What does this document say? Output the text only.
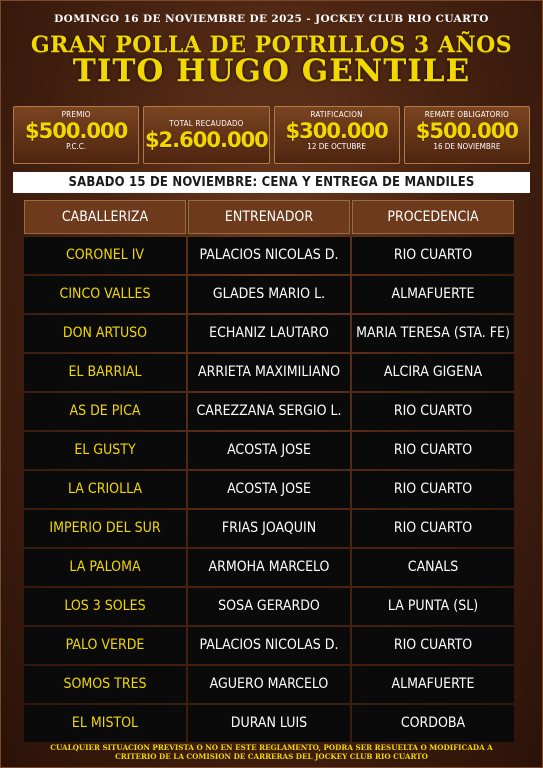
DOMINGO 16 DE NOVIEMBRE DE 2025 - JOCKEY CLUB RIO CUARTO
GRAN POLLA DE POTRILLOS 3 AÑOS
TITO HUGO GENTILE
PREMIO
$500.000
P.C.C.
TOTAL RECAUDADO
$2.600.000
RATIFICACION
$300.000
12 DE OCTUBRE
REMATE OBLIGATORIO
$500.000
16 DE NOVIEMBRE
SABADO 15 DE NOVIEMBRE: CENA Y ENTREGA DE MANDILES
CABALLERIZA	ENTRENADOR	PROCEDENCIA
CORONEL IV	PALACIOS NICOLAS D.	RIO CUARTO
CINCO VALLES	GLADES MARIO L.	ALMAFUERTE
DON ARTUSO	ECHANIZ LAUTARO	MARIA TERESA (STA. FE)
EL BARRIAL	ARRIETA MAXIMILIANO	ALCIRA GIGENA
AS DE PICA	CAREZZANA SERGIO L.	RIO CUARTO
EL GUSTY	ACOSTA JOSE	RIO CUARTO
LA CRIOLLA	ACOSTA JOSE	RIO CUARTO
IMPERIO DEL SUR	FRIAS JOAQUIN	RIO CUARTO
LA PALOMA	ARMOHA MARCELO	CANALS
LOS 3 SOLES	SOSA GERARDO	LA PUNTA (SL)
PALO VERDE	PALACIOS NICOLAS D.	RIO CUARTO
SOMOS TRES	AGUERO MARCELO	ALMAFUERTE
EL MISTOL	DURAN LUIS	CORDOBA
CUALQUIER SITUACION PREVISTA O NO EN ESTE REGLAMENTO, PODRA SER RESUELTA O MODIFICADA A
CRITERIO DE LA COMISION DE CARRERAS DEL JOCKEY CLUB RIO CUARTO
